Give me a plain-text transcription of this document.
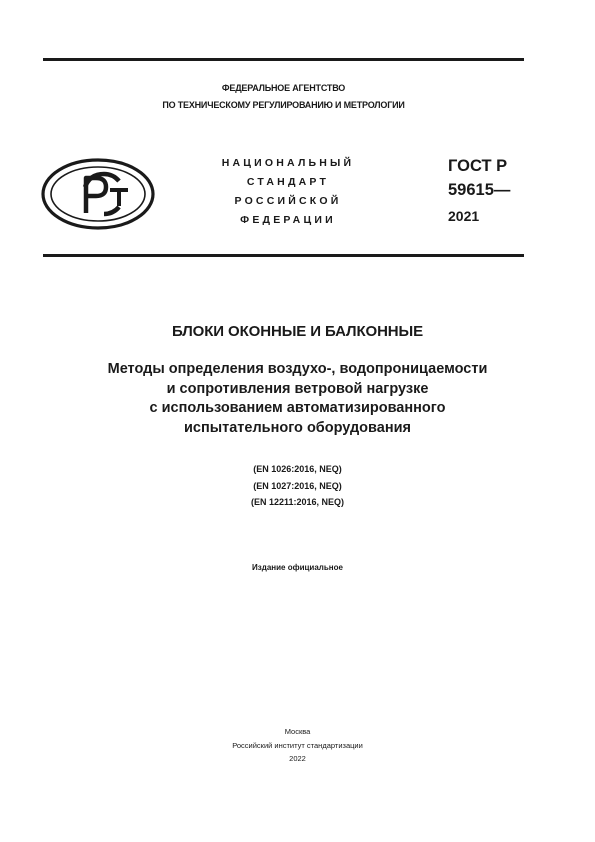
ФЕДЕРАЛЬНОЕ АГЕНТСТВО
ПО ТЕХНИЧЕСКОМУ РЕГУЛИРОВАНИЮ И МЕТРОЛОГИИ
НАЦИОНАЛЬНЫЙ
СТАНДАРТ
РОССИЙСКОЙ
ФЕДЕРАЦИИ
ГОСТ Р
59615—
2021
БЛОКИ ОКОННЫЕ И БАЛКОННЫЕ
Методы определения воздухо-, водопроницаемости
и сопротивления ветровой нагрузке
с использованием автоматизированного
испытательного оборудования
(EN 1026:2016, NEQ)
(EN 1027:2016, NEQ)
(EN 12211:2016, NEQ)
Издание официальное
Москва
Российский институт стандартизации
2022
